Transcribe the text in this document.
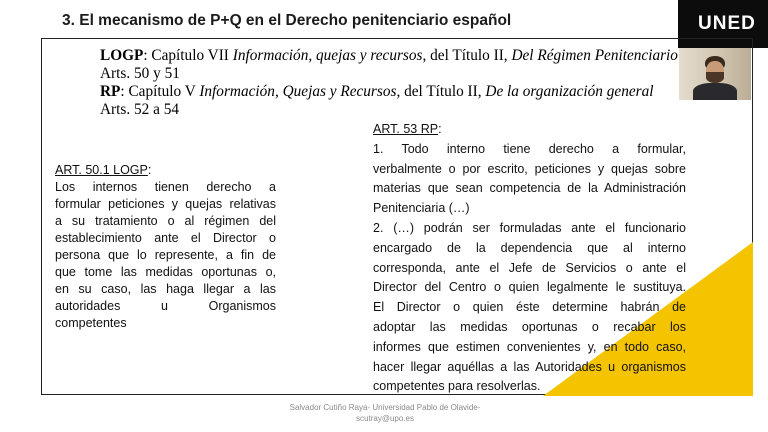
3. El mecanismo de P+Q en el Derecho penitenciario español	UNED
LOGP: Capítulo VII Información, quejas y recursos, del Título II, Del Régimen Penitenciario
Arts. 50 y 51
RP: Capítulo V Información, Quejas y Recursos, del Título II, De la organización general
Arts. 52 a 54
ART. 50.1 LOGP:
Los internos tienen derecho a
formular peticiones y quejas relativas
a su tratamiento o al régimen del
establecimiento ante el Director o
persona que lo represente, a fin de
que tome las medidas oportunas o,
en su caso, las haga llegar a las
autoridades u Organismos
competentes
ART. 53 RP:
1. Todo interno tiene derecho a formular,
verbalmente o por escrito, peticiones y quejas sobre
materias que sean competencia de la Administración
Penitenciaria (…)
2. (…) podrán ser formuladas ante el funcionario
encargado de la dependencia que al interno
corresponda, ante el Jefe de Servicios o ante el
Director del Centro o quien legalmente le sustituya.
El Director o quien éste determine habrán de
adoptar las medidas oportunas o recabar los
informes que estimen convenientes y, en todo caso,
hacer llegar aquéllas a las Autoridades u organismos
competentes para resolverlas.
Salvador Cutiño Raya- Universidad Pablo de Olavide-
scutray@upo.es
